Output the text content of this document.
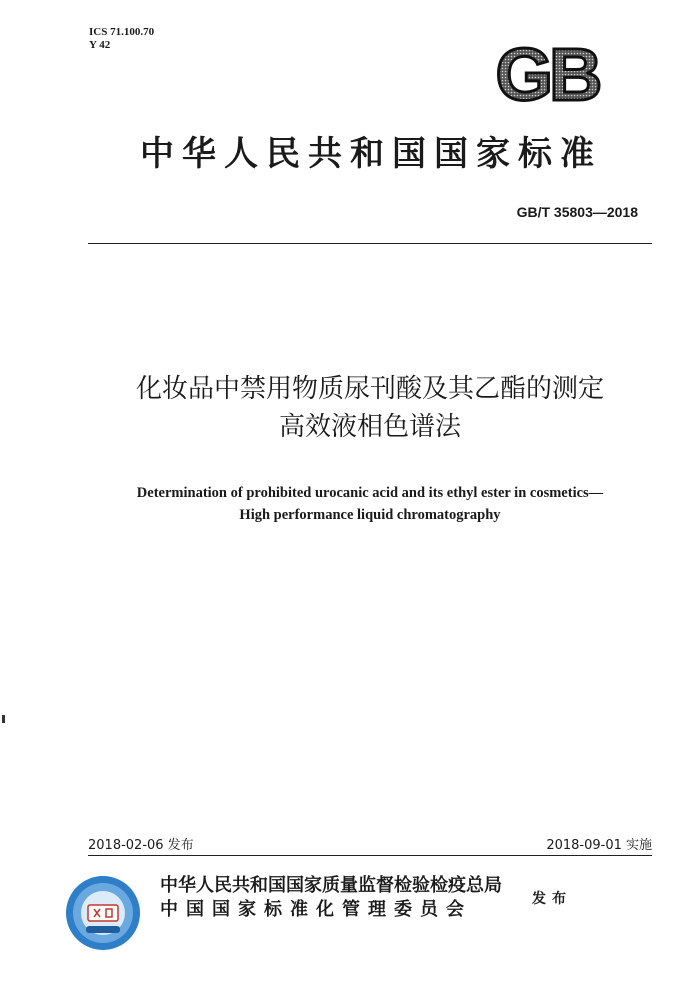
ICS 71.100.70
Y 42	GB
中华人民共和国国家标准
GB/T 35803—2018
化妆品中禁用物质尿刊酸及其乙酯的测定
高效液相色谱法
Determination of prohibited urocanic acid and its ethyl ester in cosmetics—
High performance liquid chromatography
2018-02-06 发布	2018-09-01 实施
中华人民共和国国家质量监督检验检疫总局
中国国家标准化管理委员会	发布
